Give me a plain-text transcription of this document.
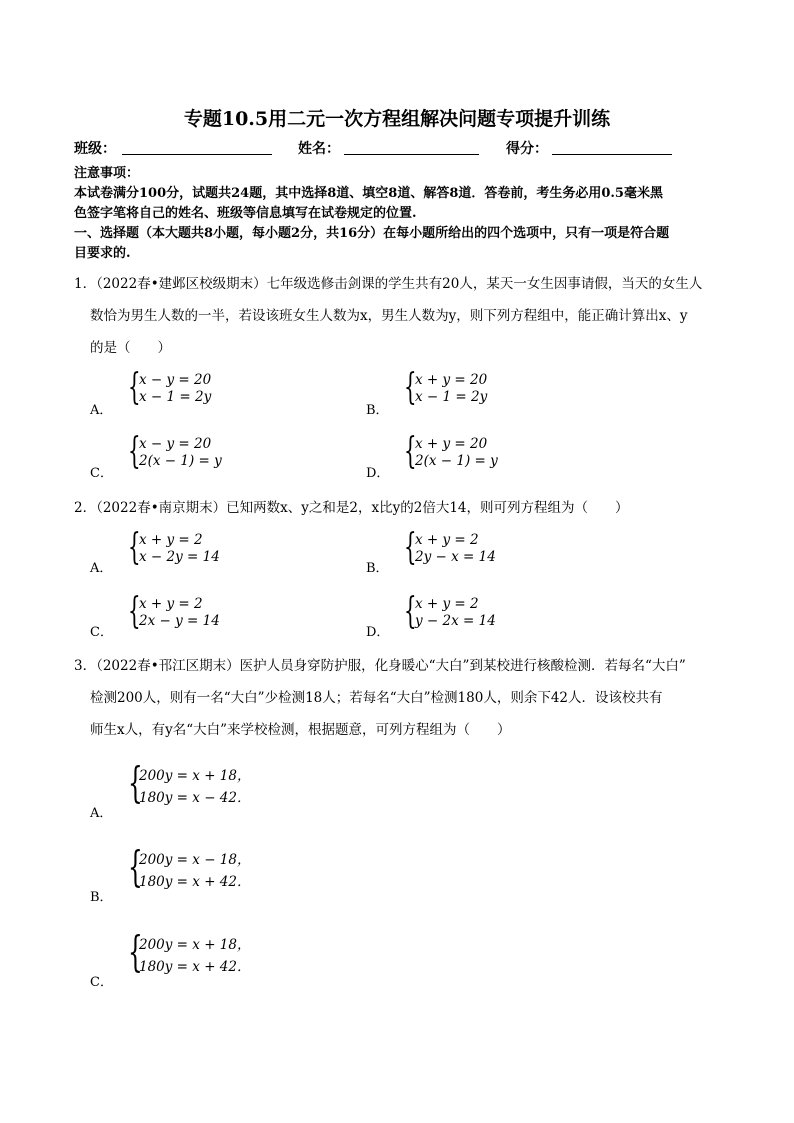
专题10.5用二元一次方程组解决问题专项提升训练
班级：	姓名：	得分：
注意事项：
本试卷满分100分，试题共24题，其中选择8道、填空8道、解答8道．答卷前，考生务必用0.5毫米黑
色签字笔将自己的姓名、班级等信息填写在试卷规定的位置.
一、选择题（本大题共8小题，每小题2分，共16分）在每小题所给出的四个选项中，只有一项是符合题
目要求的.
1．（2022春•建邺区校级期末）七年级选修击剑课的学生共有20人，某天一女生因事请假，当天的女生人
数恰为男生人数的一半，若设该班女生人数为x，男生人数为y，则下列方程组中，能正确计算出x、y
的是（　　）
A．
{
x − y = 20
x − 1 = 2y
B．
{
x + y = 20
x − 1 = 2y
C．
{
x − y = 20
2(x − 1) = y
D．
{
x + y = 20
2(x − 1) = y
2．（2022春•南京期末）已知两数x、y之和是2，x比y的2倍大14，则可列方程组为（　　）
A．
{
x + y = 2
x − 2y = 14
B．
{
x + y = 2
2y − x = 14
C．
{
x + y = 2
2x − y = 14
D．
{
x + y = 2
y − 2x = 14
3．（2022春•邗江区期末）医护人员身穿防护服，化身暖心“大白”到某校进行核酸检测．若每名“大白”
检测200人，则有一名“大白”少检测18人；若每名“大白”检测180人，则余下42人．设该校共有
师生x人，有y名“大白”来学校检测，根据题意，可列方程组为（　　）
{
200y = x + 18，
180y = x − 42．
A．
{
200y = x − 18，
180y = x + 42．
B．
{
200y = x + 18，
180y = x + 42．
C．
